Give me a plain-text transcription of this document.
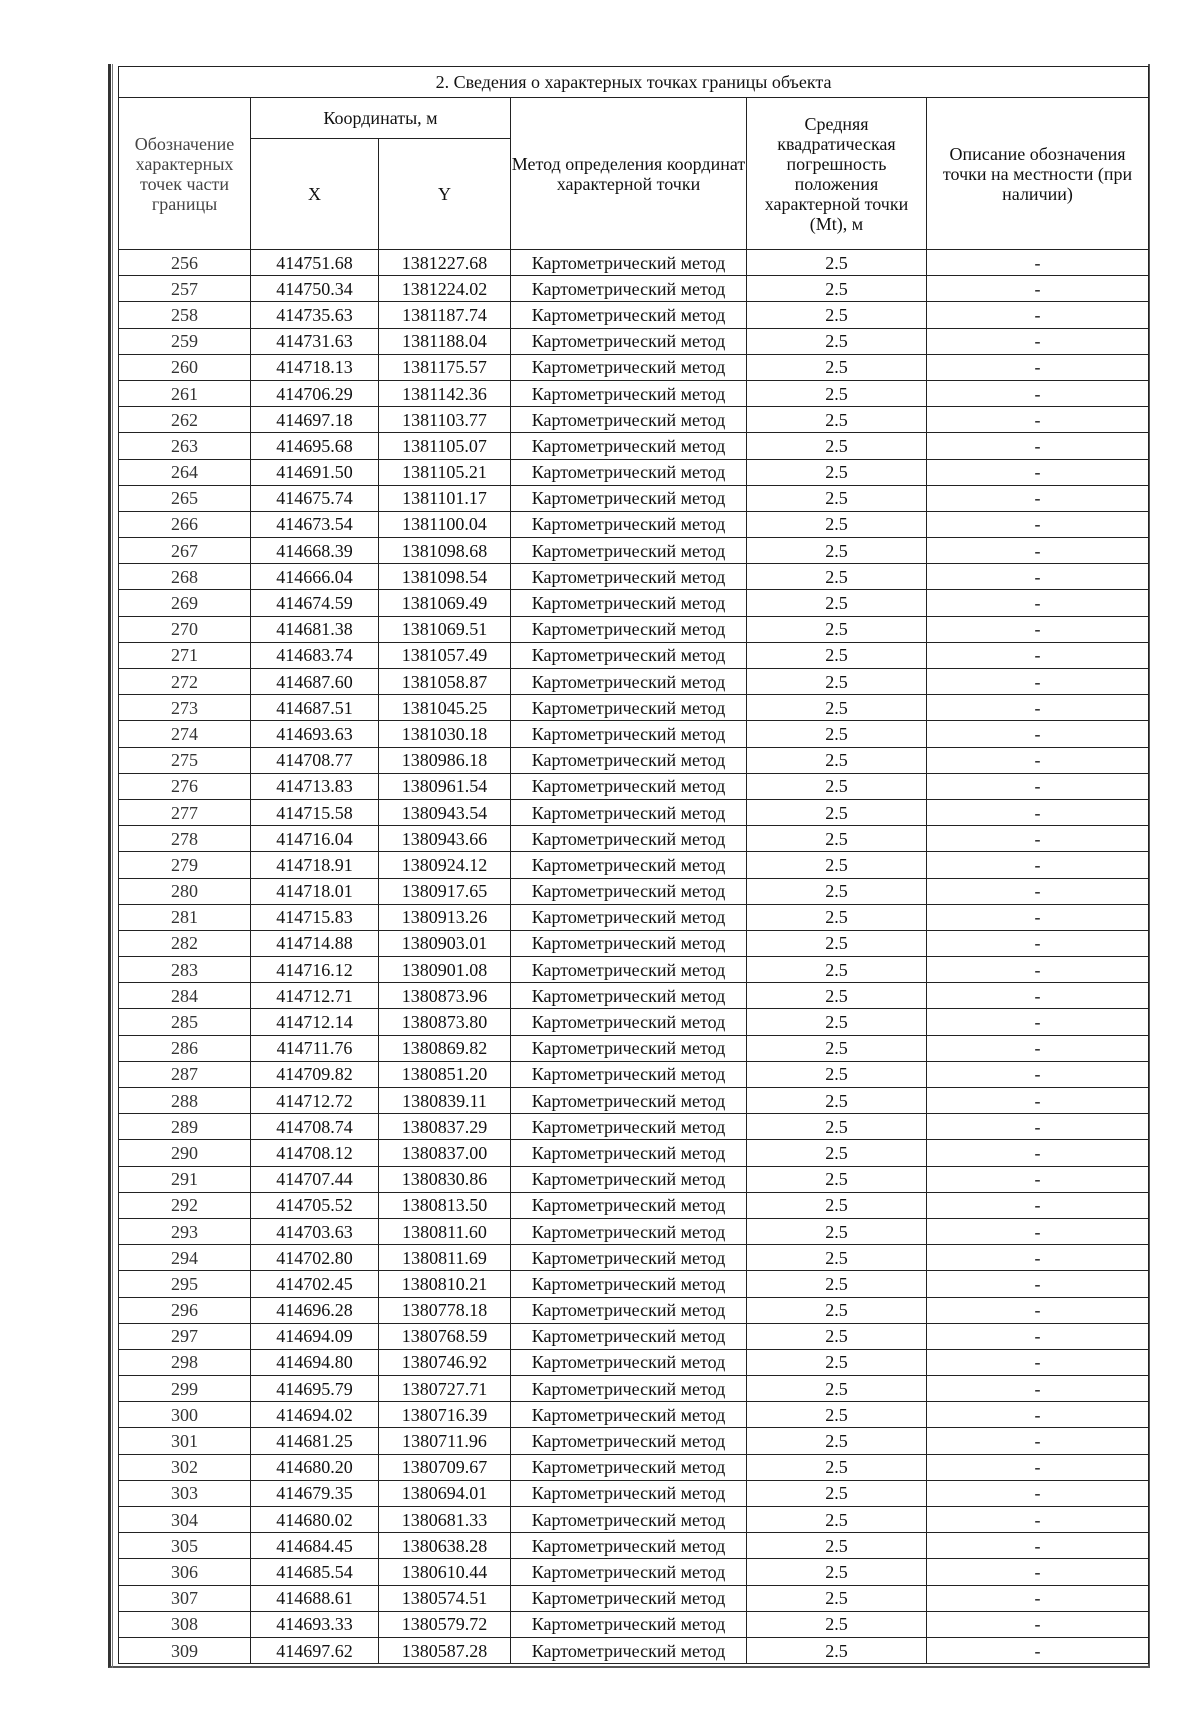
2. Сведения о характерных точках границы объекта					
Обозначение характерных точек части границы	Координаты, м		Метод определения координат характерной точки	Средняя квадратическая погрешность положения характерной точки (Mt), м	Описание обозначения точки на местности (при наличии)
	X	Y			
256	414751.68	1381227.68	Картометрический метод	2.5	-
257	414750.34	1381224.02	Картометрический метод	2.5	-
258	414735.63	1381187.74	Картометрический метод	2.5	-
259	414731.63	1381188.04	Картометрический метод	2.5	-
260	414718.13	1381175.57	Картометрический метод	2.5	-
261	414706.29	1381142.36	Картометрический метод	2.5	-
262	414697.18	1381103.77	Картометрический метод	2.5	-
263	414695.68	1381105.07	Картометрический метод	2.5	-
264	414691.50	1381105.21	Картометрический метод	2.5	-
265	414675.74	1381101.17	Картометрический метод	2.5	-
266	414673.54	1381100.04	Картометрический метод	2.5	-
267	414668.39	1381098.68	Картометрический метод	2.5	-
268	414666.04	1381098.54	Картометрический метод	2.5	-
269	414674.59	1381069.49	Картометрический метод	2.5	-
270	414681.38	1381069.51	Картометрический метод	2.5	-
271	414683.74	1381057.49	Картометрический метод	2.5	-
272	414687.60	1381058.87	Картометрический метод	2.5	-
273	414687.51	1381045.25	Картометрический метод	2.5	-
274	414693.63	1381030.18	Картометрический метод	2.5	-
275	414708.77	1380986.18	Картометрический метод	2.5	-
276	414713.83	1380961.54	Картометрический метод	2.5	-
277	414715.58	1380943.54	Картометрический метод	2.5	-
278	414716.04	1380943.66	Картометрический метод	2.5	-
279	414718.91	1380924.12	Картометрический метод	2.5	-
280	414718.01	1380917.65	Картометрический метод	2.5	-
281	414715.83	1380913.26	Картометрический метод	2.5	-
282	414714.88	1380903.01	Картометрический метод	2.5	-
283	414716.12	1380901.08	Картометрический метод	2.5	-
284	414712.71	1380873.96	Картометрический метод	2.5	-
285	414712.14	1380873.80	Картометрический метод	2.5	-
286	414711.76	1380869.82	Картометрический метод	2.5	-
287	414709.82	1380851.20	Картометрический метод	2.5	-
288	414712.72	1380839.11	Картометрический метод	2.5	-
289	414708.74	1380837.29	Картометрический метод	2.5	-
290	414708.12	1380837.00	Картометрический метод	2.5	-
291	414707.44	1380830.86	Картометрический метод	2.5	-
292	414705.52	1380813.50	Картометрический метод	2.5	-
293	414703.63	1380811.60	Картометрический метод	2.5	-
294	414702.80	1380811.69	Картометрический метод	2.5	-
295	414702.45	1380810.21	Картометрический метод	2.5	-
296	414696.28	1380778.18	Картометрический метод	2.5	-
297	414694.09	1380768.59	Картометрический метод	2.5	-
298	414694.80	1380746.92	Картометрический метод	2.5	-
299	414695.79	1380727.71	Картометрический метод	2.5	-
300	414694.02	1380716.39	Картометрический метод	2.5	-
301	414681.25	1380711.96	Картометрический метод	2.5	-
302	414680.20	1380709.67	Картометрический метод	2.5	-
303	414679.35	1380694.01	Картометрический метод	2.5	-
304	414680.02	1380681.33	Картометрический метод	2.5	-
305	414684.45	1380638.28	Картометрический метод	2.5	-
306	414685.54	1380610.44	Картометрический метод	2.5	-
307	414688.61	1380574.51	Картометрический метод	2.5	-
308	414693.33	1380579.72	Картометрический метод	2.5	-
309	414697.62	1380587.28	Картометрический метод	2.5	-
